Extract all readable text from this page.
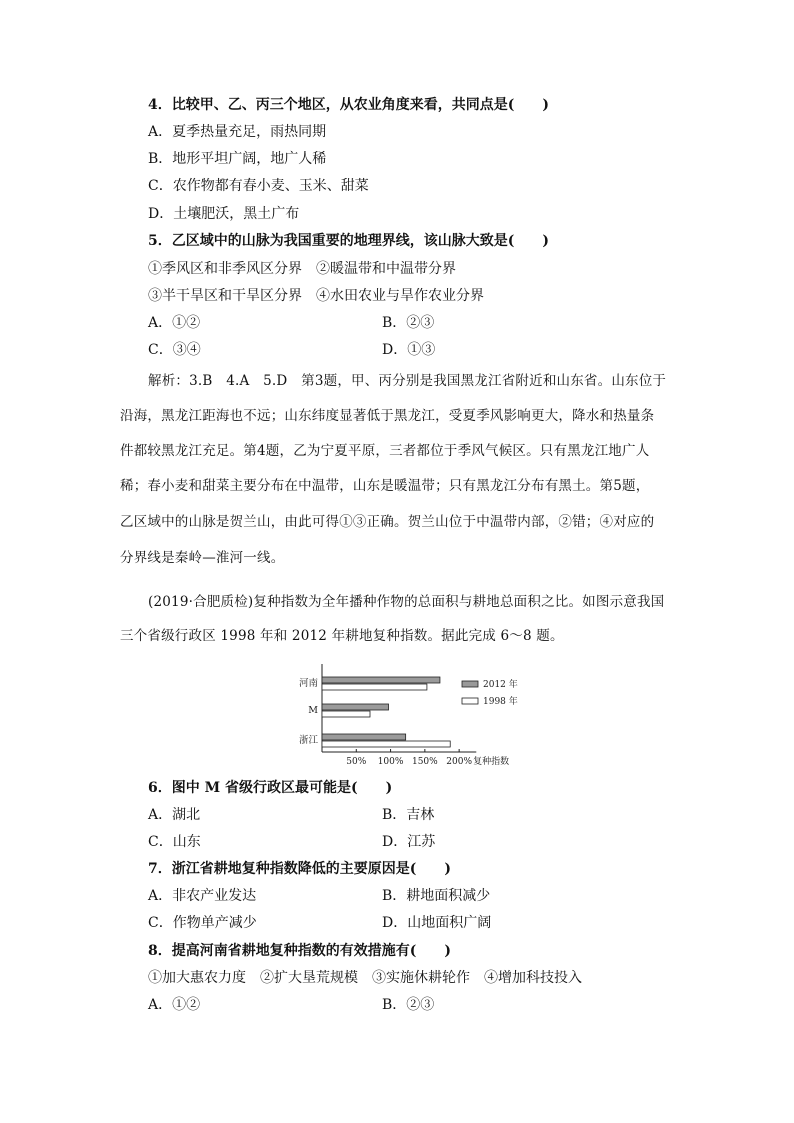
4．比较甲、乙、丙三个地区，从农业角度来看，共同点是(　　)
A．夏季热量充足，雨热同期
B．地形平坦广阔，地广人稀
C．农作物都有春小麦、玉米、甜菜
D．土壤肥沃，黑土广布
5．乙区域中的山脉为我国重要的地理界线，该山脉大致是(　　)
①季风区和非季风区分界　②暖温带和中温带分界
③半干旱区和干旱区分界　④水田农业与旱作农业分界
A．①②	B．②③
C．③④	D．①③
解析：3.B　4.A　5.D　第3题，甲、丙分别是我国黑龙江省附近和山东省。山东位于
沿海，黑龙江距海也不远；山东纬度显著低于黑龙江，受夏季风影响更大，降水和热量条
件都较黑龙江充足。第4题，乙为宁夏平原，三者都位于季风气候区。只有黑龙江地广人
稀；春小麦和甜菜主要分布在中温带，山东是暖温带；只有黑龙江分布有黑土。第5题，
乙区域中的山脉是贺兰山，由此可得①③正确。贺兰山位于中温带内部，②错；④对应的
分界线是秦岭—淮河一线。
(2019·合肥质检)复种指数为全年播种作物的总面积与耕地总面积之比。如图示意我国
三个省级行政区 1998 年和 2012 年耕地复种指数。据此完成 6～8 题。
50% 100% 150% 200% 复种指数
河南
M
浙江
2012 年
1998 年
6．图中 M 省级行政区最可能是(　　)
A．湖北	B．吉林
C．山东	D．江苏
7．浙江省耕地复种指数降低的主要原因是(　　)
A．非农产业发达	B．耕地面积减少
C．作物单产减少	D．山地面积广阔
8．提高河南省耕地复种指数的有效措施有(　　)
①加大惠农力度　②扩大垦荒规模　③实施休耕轮作　④增加科技投入
A．①②	B．②③
